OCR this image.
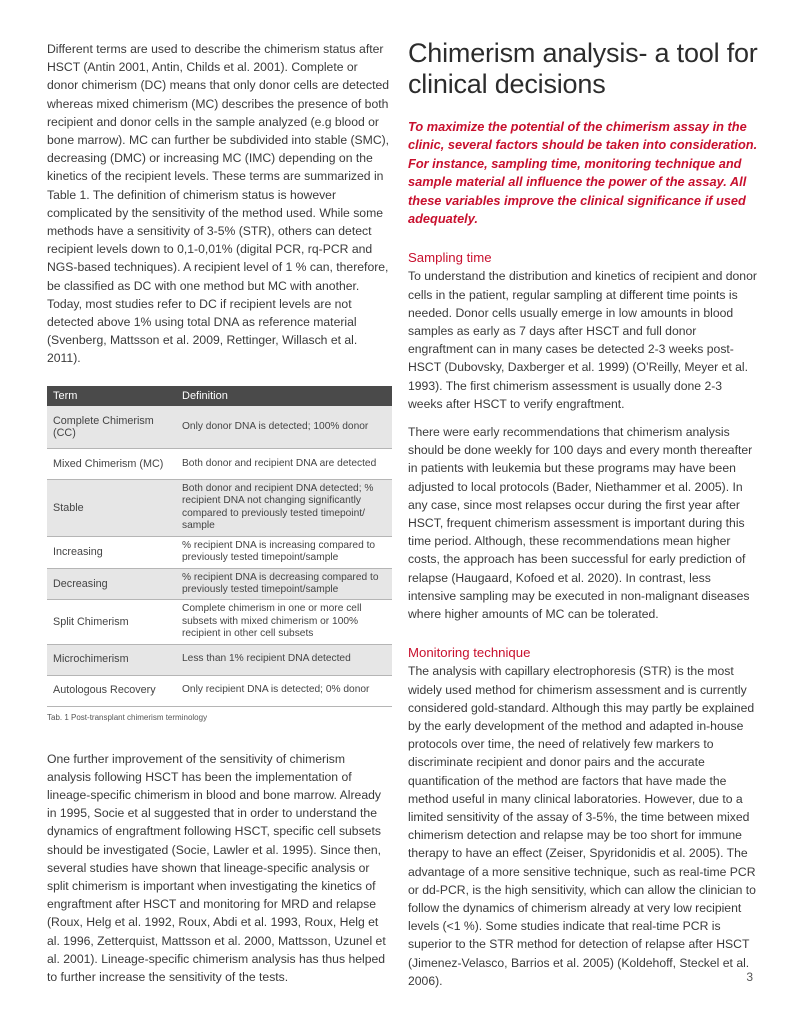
Different terms are used to describe the chimerism status after HSCT (Antin 2001, Antin, Childs et al. 2001). Complete or donor chimerism (DC) means that only donor cells are detected whereas mixed chimerism (MC) describes the presence of both recipient and donor cells in the sample analyzed (e.g blood or bone marrow). MC can further be subdivided into stable (SMC), decreasing (DMC) or increasing MC (IMC) depending on the kinetics of the recipient levels. These terms are summarized in Table 1. The definition of chimerism status is however complicated by the sensitivity of the method used. While some methods have a sensitivity of 3-5% (STR), others can detect recipient levels down to 0,1-0,01% (digital PCR, rq-PCR and NGS-based techniques). A recipient level of 1 % can, therefore, be classified as DC with one method but MC with another. Today, most studies refer to DC if recipient levels are not detected above 1% using total DNA as reference material (Svenberg, Mattsson et al. 2009, Rettinger, Willasch et al. 2011).

Term	Definition
Complete Chimerism (CC)	Only donor DNA is detected; 100% donor
Mixed Chimerism (MC)	Both donor and recipient DNA are detected
Stable	Both donor and recipient DNA detected; % recipient DNA not changing significantly compared to previously tested timepoint/ sample
Increasing	% recipient DNA is increasing compared to previously tested timepoint/sample
Decreasing	% recipient DNA is decreasing compared to previously tested timepoint/sample
Split Chimerism	Complete chimerism in one or more cell subsets with mixed chimerism or 100% recipient in other cell subsets
Microchimerism	Less than 1% recipient DNA detected
Autologous Recovery	Only recipient DNA is detected; 0% donor

Tab. 1 Post-transplant chimerism terminology

One further improvement of the sensitivity of chimerism analysis following HSCT has been the implementation of lineage-specific chimerism in blood and bone marrow. Already in 1995, Socie et al suggested that in order to understand the dynamics of engraftment following HSCT, specific cell subsets should be investigated (Socie, Lawler et al. 1995). Since then, several studies have shown that lineage-specific analysis or split chimerism is important when investigating the kinetics of engraftment after HSCT and monitoring for MRD and relapse (Roux, Helg et al. 1992, Roux, Abdi et al. 1993, Roux, Helg et al. 1996, Zetterquist, Mattsson et al. 2000, Mattsson, Uzunel et al. 2001). Lineage-specific chimerism analysis has thus helped to further increase the sensitivity of the tests.

Chimerism analysis- a tool for clinical decisions

To maximize the potential of the chimerism assay in the clinic, several factors should be taken into consideration. For instance, sampling time, monitoring technique and sample material all influence the power of the assay. All these variables improve the clinical significance if used adequately.

Sampling time

To understand the distribution and kinetics of recipient and donor cells in the patient, regular sampling at different time points is needed. Donor cells usually emerge in low amounts in blood samples as early as 7 days after HSCT and full donor engraftment can in many cases be detected 2-3 weeks post-HSCT (Dubovsky, Daxberger et al. 1999) (O’Reilly, Meyer et al. 1993). The first chimerism assessment is usually done 2-3 weeks after HSCT to verify engraftment.

There were early recommendations that chimerism analysis should be done weekly for 100 days and every month thereafter in patients with leukemia but these programs may have been adjusted to local protocols (Bader, Niethammer et al. 2005). In any case, since most relapses occur during the first year after HSCT, frequent chimerism assessment is important during this time period. Although, these recommendations mean higher costs, the approach has been successful for early prediction of relapse (Haugaard, Kofoed et al. 2020). In contrast, less intensive sampling may be executed in non-malignant diseases where higher amounts of MC can be tolerated.

Monitoring technique

The analysis with capillary electrophoresis (STR) is the most widely used method for chimerism assessment and is currently considered gold-standard. Although this may partly be explained by the early development of the method and adapted in-house protocols over time, the need of relatively few markers to discriminate recipient and donor pairs and the accurate quantification of the method are factors that have made the method useful in many clinical laboratories. However, due to a limited sensitivity of the assay of 3-5%, the time between mixed chimerism detection and relapse may be too short for immune therapy to have an effect (Zeiser, Spyridonidis et al. 2005). The advantage of a more sensitive technique, such as real-time PCR or dd-PCR, is the high sensitivity, which can allow the clinician to follow the dynamics of chimerism already at very low recipient levels (<1 %). Some studies indicate that real-time PCR is superior to the STR method for detection of relapse after HSCT (Jimenez-Velasco, Barrios et al. 2005) (Koldehoff, Steckel et al. 2006).	3
